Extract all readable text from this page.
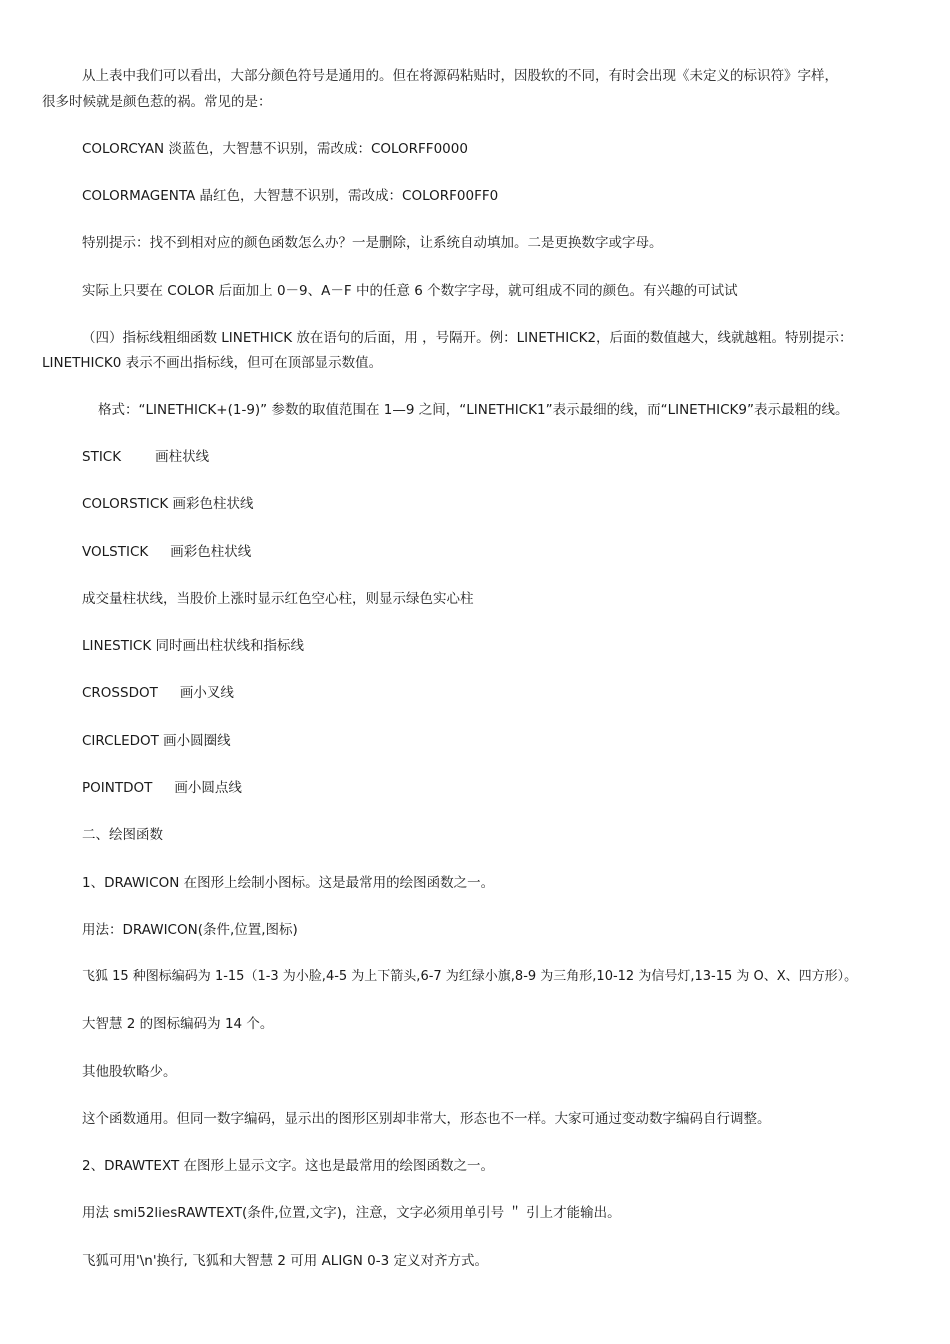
从上表中我们可以看出，大部分颜色符号是通用的。但在将源码粘贴时，因股软的不同，有时会出现《未定义的标识符》字样，

很多时候就是颜色惹的祸。常见的是：

COLORCYAN 淡蓝色，大智慧不识别，需改成：COLORFF0000

COLORMAGENTA 晶红色，大智慧不识别，需改成：COLORF00FF0

特别提示：找不到相对应的颜色函数怎么办？一是删除，让系统自动填加。二是更换数字或字母。

实际上只要在 COLOR 后面加上 0－9、A－F 中的任意 6 个数字字母，就可组成不同的颜色。有兴趣的可试试

（四）指标线粗细函数 LINETHICK 放在语句的后面，用 ，号隔开。例：LINETHICK2，后面的数值越大，线就越粗。特别提示：

LINETHICK0 表示不画出指标线，但可在顶部显示数值。

格式：“LINETHICK+(1-9)” 参数的取值范围在 1—9 之间，“LINETHICK1”表示最细的线，而“LINETHICK9”表示最粗的线。

STICK	画柱状线

COLORSTICK 画彩色柱状线

VOLSTICK 画彩色柱状线

成交量柱状线，当股价上涨时显示红色空心柱，则显示绿色实心柱

LINESTICK 同时画出柱状线和指标线

CROSSDOT 画小叉线

CIRCLEDOT 画小圆圈线

POINTDOT 画小圆点线

二、绘图函数

1、DRAWICON 在图形上绘制小图标。这是最常用的绘图函数之一。

用法：DRAWICON(条件,位置,图标)

飞狐 15 种图标编码为 1-15（1-3 为小脸,4-5 为上下箭头,6-7 为红绿小旗,8-9 为三角形,10-12 为信号灯,13-15 为 O、X、四方形）。

大智慧 2 的图标编码为 14 个。

其他股软略少。

这个函数通用。但同一数字编码，显示出的图形区别却非常大，形态也不一样。大家可通过变动数字编码自行调整。

2、DRAWTEXT 在图形上显示文字。这也是最常用的绘图函数之一。

用法 smi52liesRAWTEXT(条件,位置,文字)，注意，文字必须用单引号 ＂ 引上才能输出。

飞狐可用'\n'换行, 飞狐和大智慧 2 可用 ALIGN 0-3 定义对齐方式。
